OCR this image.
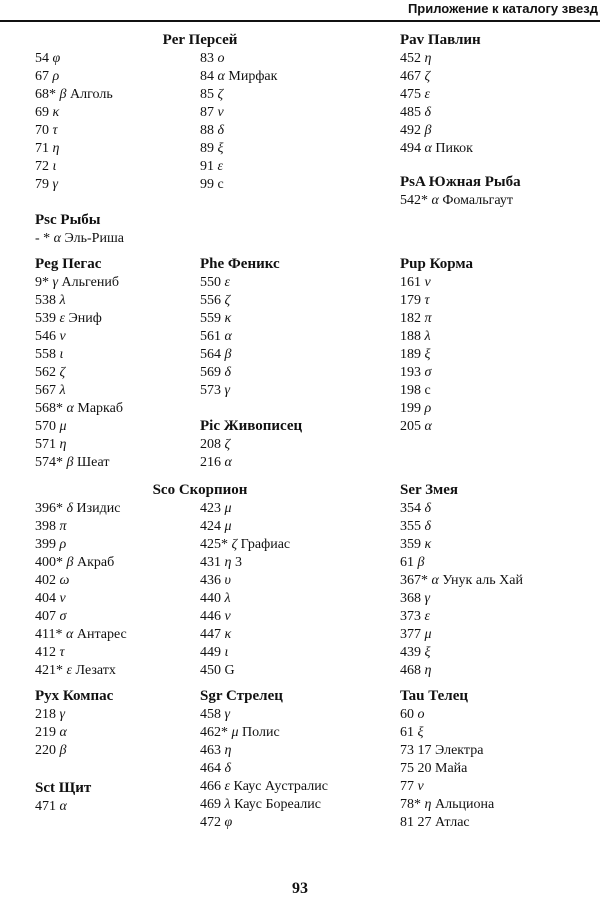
Приложение к каталогу звезд
Per Персей
54 φ
67 ρ
68* β Алголь
69 κ
70 τ
71 η
72 ι
79 γ
83 ο
84 α Мирфак
85 ζ
87 ν
88 δ
89 ξ
91 ε
99 c
Pav Павлин
452 η
467 ζ
475 ε
485 δ
492 β
494 α Пикок
PsA Южная Рыба
542* α Фомальгаут
Psc Рыбы
- * α Эль-Риша
Peg Пегас
9* γ Альгениб
538 λ
539 ε Эниф
546 ν
558 ι
562 ζ
567 λ
568* α Маркаб
570 μ
571 η
574* β Шеат
Phe Феникс
550 ε
556 ζ
559 κ
561 α
564 β
569 δ
573 γ
Pic Живописец
208 ζ
216 α
Pup Корма
161 ν
179 τ
182 π
188 λ
189 ξ
193 σ
198 c
199 ρ
205 α
Sco Скорпион
396* δ Изидис
398 π
399 ρ
400* β Акраб
402 ω
404 ν
407 σ
411* α Антарес
412 τ
421* ε Лезатх
423 μ
424 μ
425* ζ Графиас
431 η 3
436 υ
440 λ
446 ν
447 κ
449 ι
450 G
Ser Змея
354 δ
355 δ
359 κ
61 β
367* α Унук аль Хай
368 γ
373 ε
377 μ
439 ξ
468 η
Pyx Компас
218 γ
219 α
220 β
Sgr Стрелец
458 γ
462* μ Полис
463 η
464 δ
466 ε Каус Аустралис
469 λ Каус Бореалис
472 φ
Tau Телец
60 ο
61 ξ
73 17 Электра
75 20 Майа
77 ν
78* η Альциона
81 27 Атлас
Sct Щит
471 α
93
